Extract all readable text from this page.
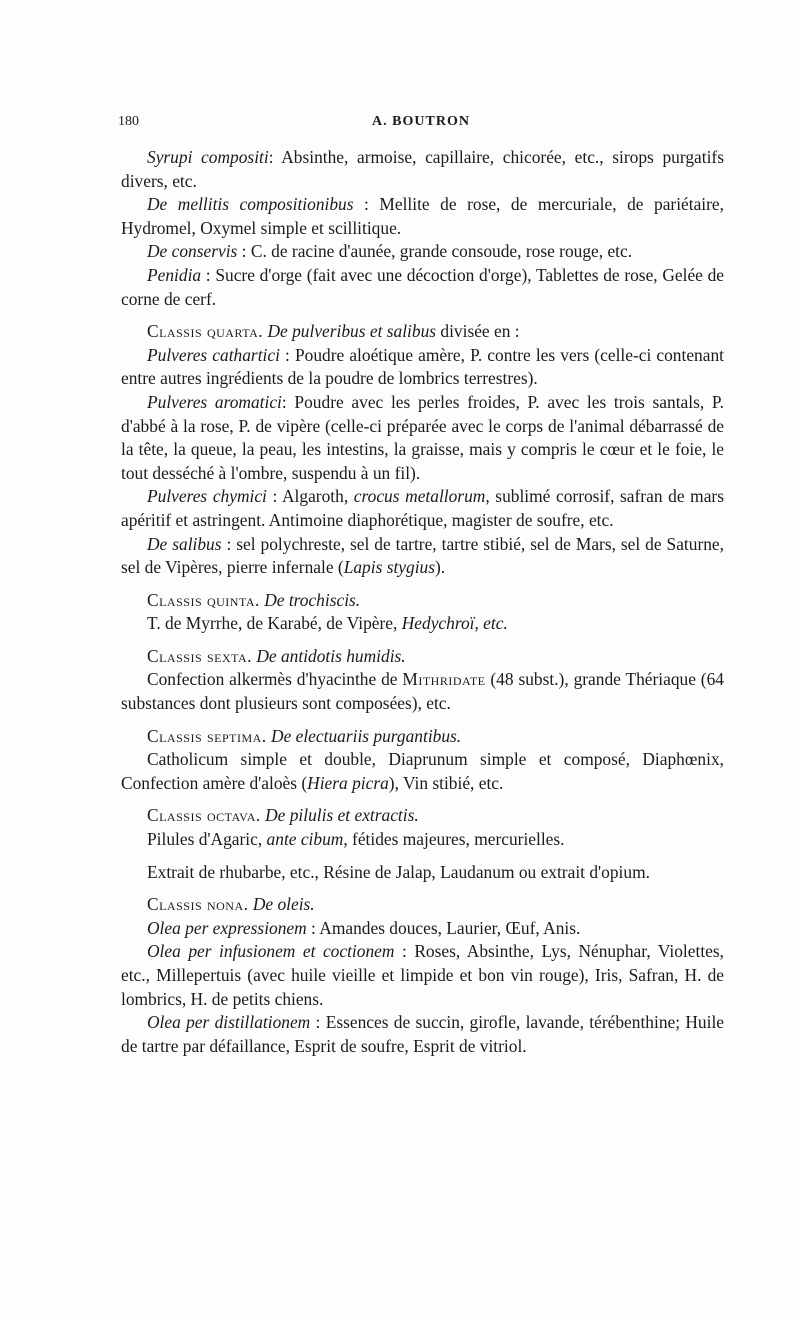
180	A. BOUTRON

Syrupi compositi: Absinthe, armoise, capillaire, chicorée, etc., sirops purgatifs divers, etc.

De mellitis compositionibus : Mellite de rose, de mercuriale, de pariétaire, Hydromel, Oxymel simple et scillitique.

De conservis : C. de racine d'aunée, grande consoude, rose rouge, etc.

Penidia : Sucre d'orge (fait avec une décoction d'orge), Tablettes de rose, Gelée de corne de cerf.

Classis quarta. De pulveribus et salibus divisée en :

Pulveres cathartici : Poudre aloétique amère, P. contre les vers (celle-ci contenant entre autres ingrédients de la poudre de lombrics terrestres).

Pulveres aromatici: Poudre avec les perles froides, P. avec les trois santals, P. d'abbé à la rose, P. de vipère (celle-ci préparée avec le corps de l'animal débarrassé de la tête, la queue, la peau, les intestins, la graisse, mais y compris le cœur et le foie, le tout desséché à l'ombre, suspendu à un fil).

Pulveres chymici : Algaroth, crocus metallorum, sublimé corrosif, safran de mars apéritif et astringent. Antimoine diaphorétique, magister de soufre, etc.

De salibus : sel polychreste, sel de tartre, tartre stibié, sel de Mars, sel de Saturne, sel de Vipères, pierre infernale (Lapis stygius).

Classis quinta. De trochiscis.

T. de Myrrhe, de Karabé, de Vipère, Hedychroï, etc.

Classis sexta. De antidotis humidis.

Confection alkermès d'hyacinthe de Mithridate (48 subst.), grande Thériaque (64 substances dont plusieurs sont composées), etc.

Classis septima. De electuariis purgantibus.

Catholicum simple et double, Diaprunum simple et composé, Diaphœnix, Confection amère d'aloès (Hiera picra), Vin stibié, etc.

Classis octava. De pilulis et extractis.

Pilules d'Agaric, ante cibum, fétides majeures, mercurielles.

Extrait de rhubarbe, etc., Résine de Jalap, Laudanum ou extrait d'opium.

Classis nona. De oleis.

Olea per expressionem : Amandes douces, Laurier, Œuf, Anis.

Olea per infusionem et coctionem : Roses, Absinthe, Lys, Nénuphar, Violettes, etc., Millepertuis (avec huile vieille et limpide et bon vin rouge), Iris, Safran, H. de lombrics, H. de petits chiens.

Olea per distillationem : Essences de succin, girofle, lavande, térébenthine; Huile de tartre par défaillance, Esprit de soufre, Esprit de vitriol.
